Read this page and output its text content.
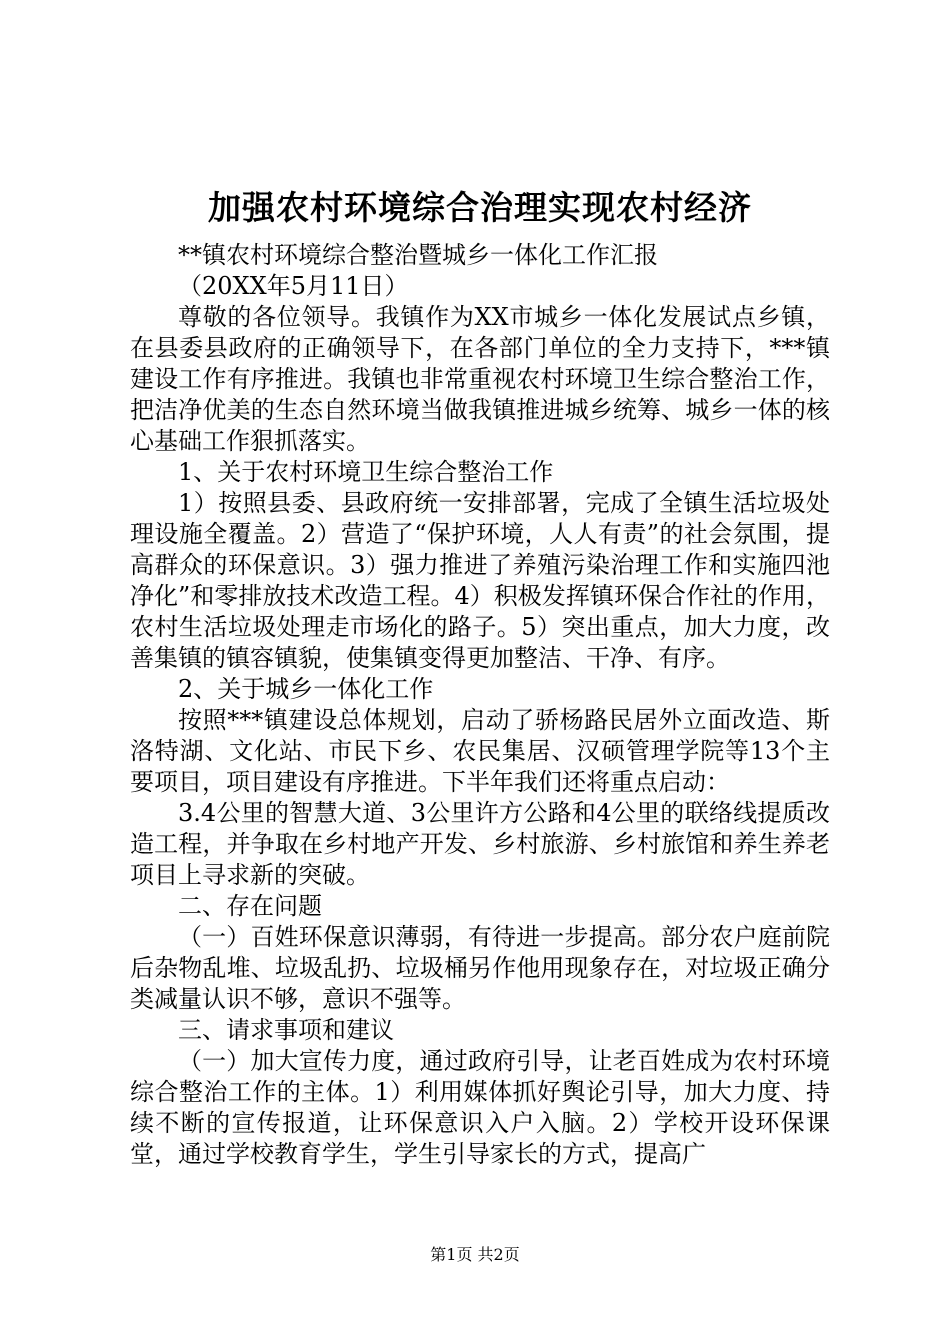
加强农村环境综合治理实现农村经济

**镇农村环境综合整治暨城乡一体化工作汇报

（20XX年5月11日）

尊敬的各位领导。我镇作为XX市城乡一体化发展试点乡镇，在县委县政府的正确领导下，在各部门单位的全力支持下，***镇建设工作有序推进。我镇也非常重视农村环境卫生综合整治工作，把洁净优美的生态自然环境当做我镇推进城乡统筹、城乡一体的核心基础工作狠抓落实。

1、关于农村环境卫生综合整治工作

1）按照县委、县政府统一安排部署，完成了全镇生活垃圾处理设施全覆盖。2）营造了“保护环境，人人有责”的社会氛围，提高群众的环保意识。3）强力推进了养殖污染治理工作和实施四池净化”和零排放技术改造工程。4）积极发挥镇环保合作社的作用，农村生活垃圾处理走市场化的路子。5）突出重点，加大力度，改善集镇的镇容镇貌，使集镇变得更加整洁、干净、有序。

2、关于城乡一体化工作

按照***镇建设总体规划，启动了骄杨路民居外立面改造、斯洛特湖、文化站、市民下乡、农民集居、汉硕管理学院等13个主要项目，项目建设有序推进。下半年我们还将重点启动：

3.4公里的智慧大道、3公里许方公路和4公里的联络线提质改造工程，并争取在乡村地产开发、乡村旅游、乡村旅馆和养生养老项目上寻求新的突破。

二、存在问题

（一）百姓环保意识薄弱，有待进一步提高。部分农户庭前院后杂物乱堆、垃圾乱扔、垃圾桶另作他用现象存在，对垃圾正确分类减量认识不够，意识不强等。

三、请求事项和建议

（一）加大宣传力度，通过政府引导，让老百姓成为农村环境综合整治工作的主体。1）利用媒体抓好舆论引导，加大力度、持续不断的宣传报道，让环保意识入户入脑。2）学校开设环保课堂，通过学校教育学生，学生引导家长的方式，提高广

第1页 共2页
